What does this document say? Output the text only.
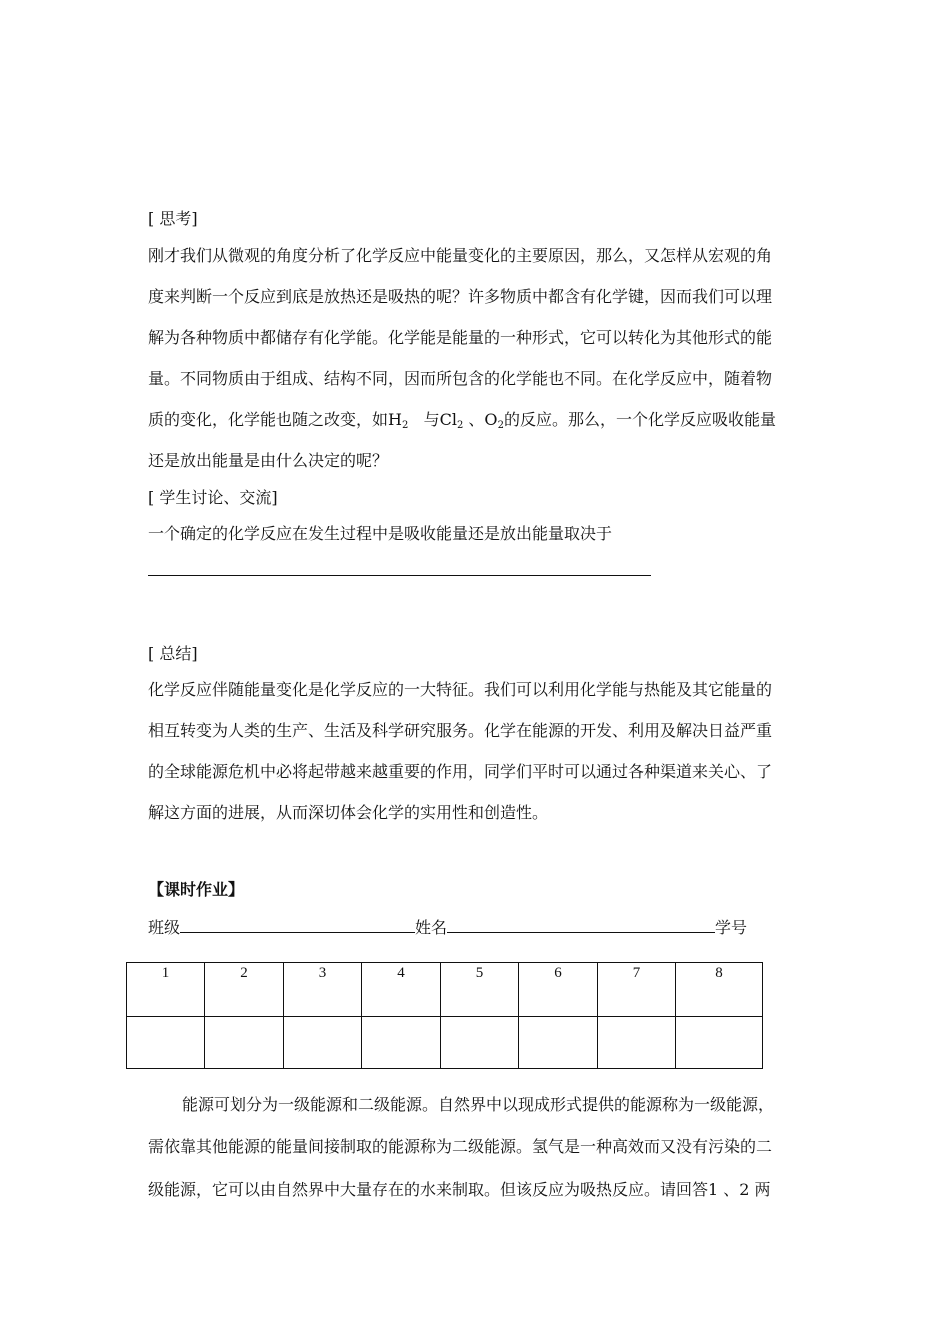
[ 思考]
刚才我们从微观的角度分析了化学反应中能量变化的主要原因，那么，又怎样从宏观的角
度来判断一个反应到底是放热还是吸热的呢？许多物质中都含有化学键，因而我们可以理
解为各种物质中都储存有化学能。化学能是能量的一种形式，它可以转化为其他形式的能
量。不同物质由于组成、结构不同，因而所包含的化学能也不同。在化学反应中，随着物
质的变化，化学能也随之改变，如$H_2$   与$Cl_2$ 、$O_2$的反应。那么，一个化学反应吸收能量
还是放出能量是由什么决定的呢？
[ 学生讨论、交流]
一个确定的化学反应在发生过程中是吸收能量还是放出能量取决于
[ 总结]
化学反应伴随能量变化是化学反应的一大特征。我们可以利用化学能与热能及其它能量的
相互转变为人类的生产、生活及科学研究服务。化学在能源的开发、利用及解决日益严重
的全球能源危机中必将起带越来越重要的作用，同学们平时可以通过各种渠道来关心、了
解这方面的进展，从而深切体会化学的实用性和创造性。
【课时作业】
班级	姓名	学号
1	2	3	4	5	6	7	8

能源可划分为一级能源和二级能源。自然界中以现成形式提供的能源称为一级能源，
需依靠其他能源的能量间接制取的能源称为二级能源。氢气是一种高效而又没有污染的二
级能源，它可以由自然界中大量存在的水来制取。但该反应为吸热反应。请回答1 、2 两
